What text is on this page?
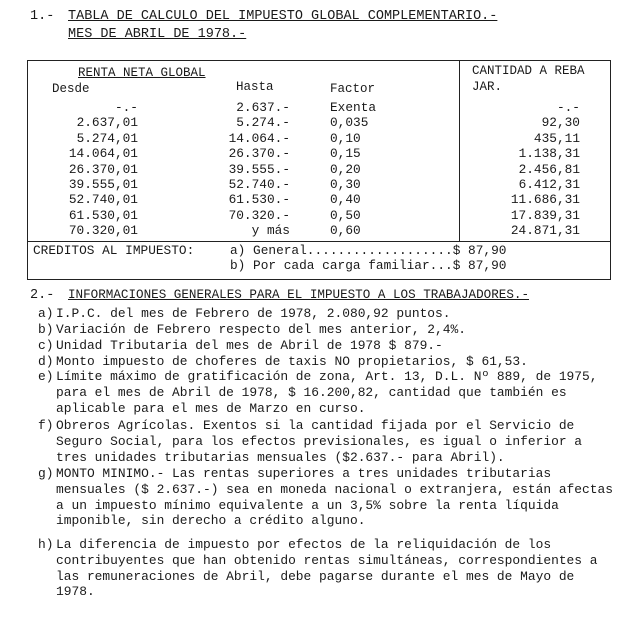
1.- TABLA DE CALCULO DEL IMPUESTO GLOBAL COMPLEMENTARIO.-
MES DE ABRIL DE 1978.-
RENTA NETA GLOBAL	CANTIDAD A REBA
Desde	Hasta	Factor	JAR.
-.-	2.637.-	Exenta	-.-
2.637,01	5.274.-	0,035	92,30
5.274,01	14.064.-	0,10	435,11
14.064,01	26.370.-	0,15	1.138,31
26.370,01	39.555.-	0,20	2.456,81
39.555,01	52.740.-	0,30	6.412,31
52.740,01	61.530.-	0,40	11.686,31
61.530,01	70.320.-	0,50	17.839,31
70.320,01	y más	0,60	24.871,31
CREDITOS AL IMPUESTO:	a) General...................$ 87,90
b) Por cada carga familiar...$ 87,90
2.- INFORMACIONES GENERALES PARA EL IMPUESTO A LOS TRABAJADORES.-
a) I.P.C. del mes de Febrero de 1978, 2.080,92 puntos.
b) Variación de Febrero respecto del mes anterior, 2,4%.
c) Unidad Tributaria del mes de Abril de 1978 $ 879.-
d) Monto impuesto de choferes de taxis NO propietarios, $ 61,53.
e) Límite máximo de gratificación de zona, Art. 13, D.L. Nº 889, de 1975, para el mes de Abril de 1978, $ 16.200,82, cantidad que también es aplicable para el mes de Marzo en curso.
f) Obreros Agrícolas. Exentos si la cantidad fijada por el Servicio de Seguro Social, para los efectos previsionales, es igual o inferior a tres unidades tributarias mensuales ($2.637.- para Abril).
g) MONTO MINIMO.- Las rentas superiores a tres unidades tributarias mensuales ($ 2.637.-) sea en moneda nacional o extranjera, están afectas a un impuesto mínimo equivalente a un 3,5% sobre la renta líquida imponible, sin derecho a crédito alguno.
h) La diferencia de impuesto por efectos de la reliquidación de los contribuyentes que han obtenido rentas simultáneas, correspondientes a las remuneraciones de Abril, debe pagarse durante el mes de Mayo de 1978.
